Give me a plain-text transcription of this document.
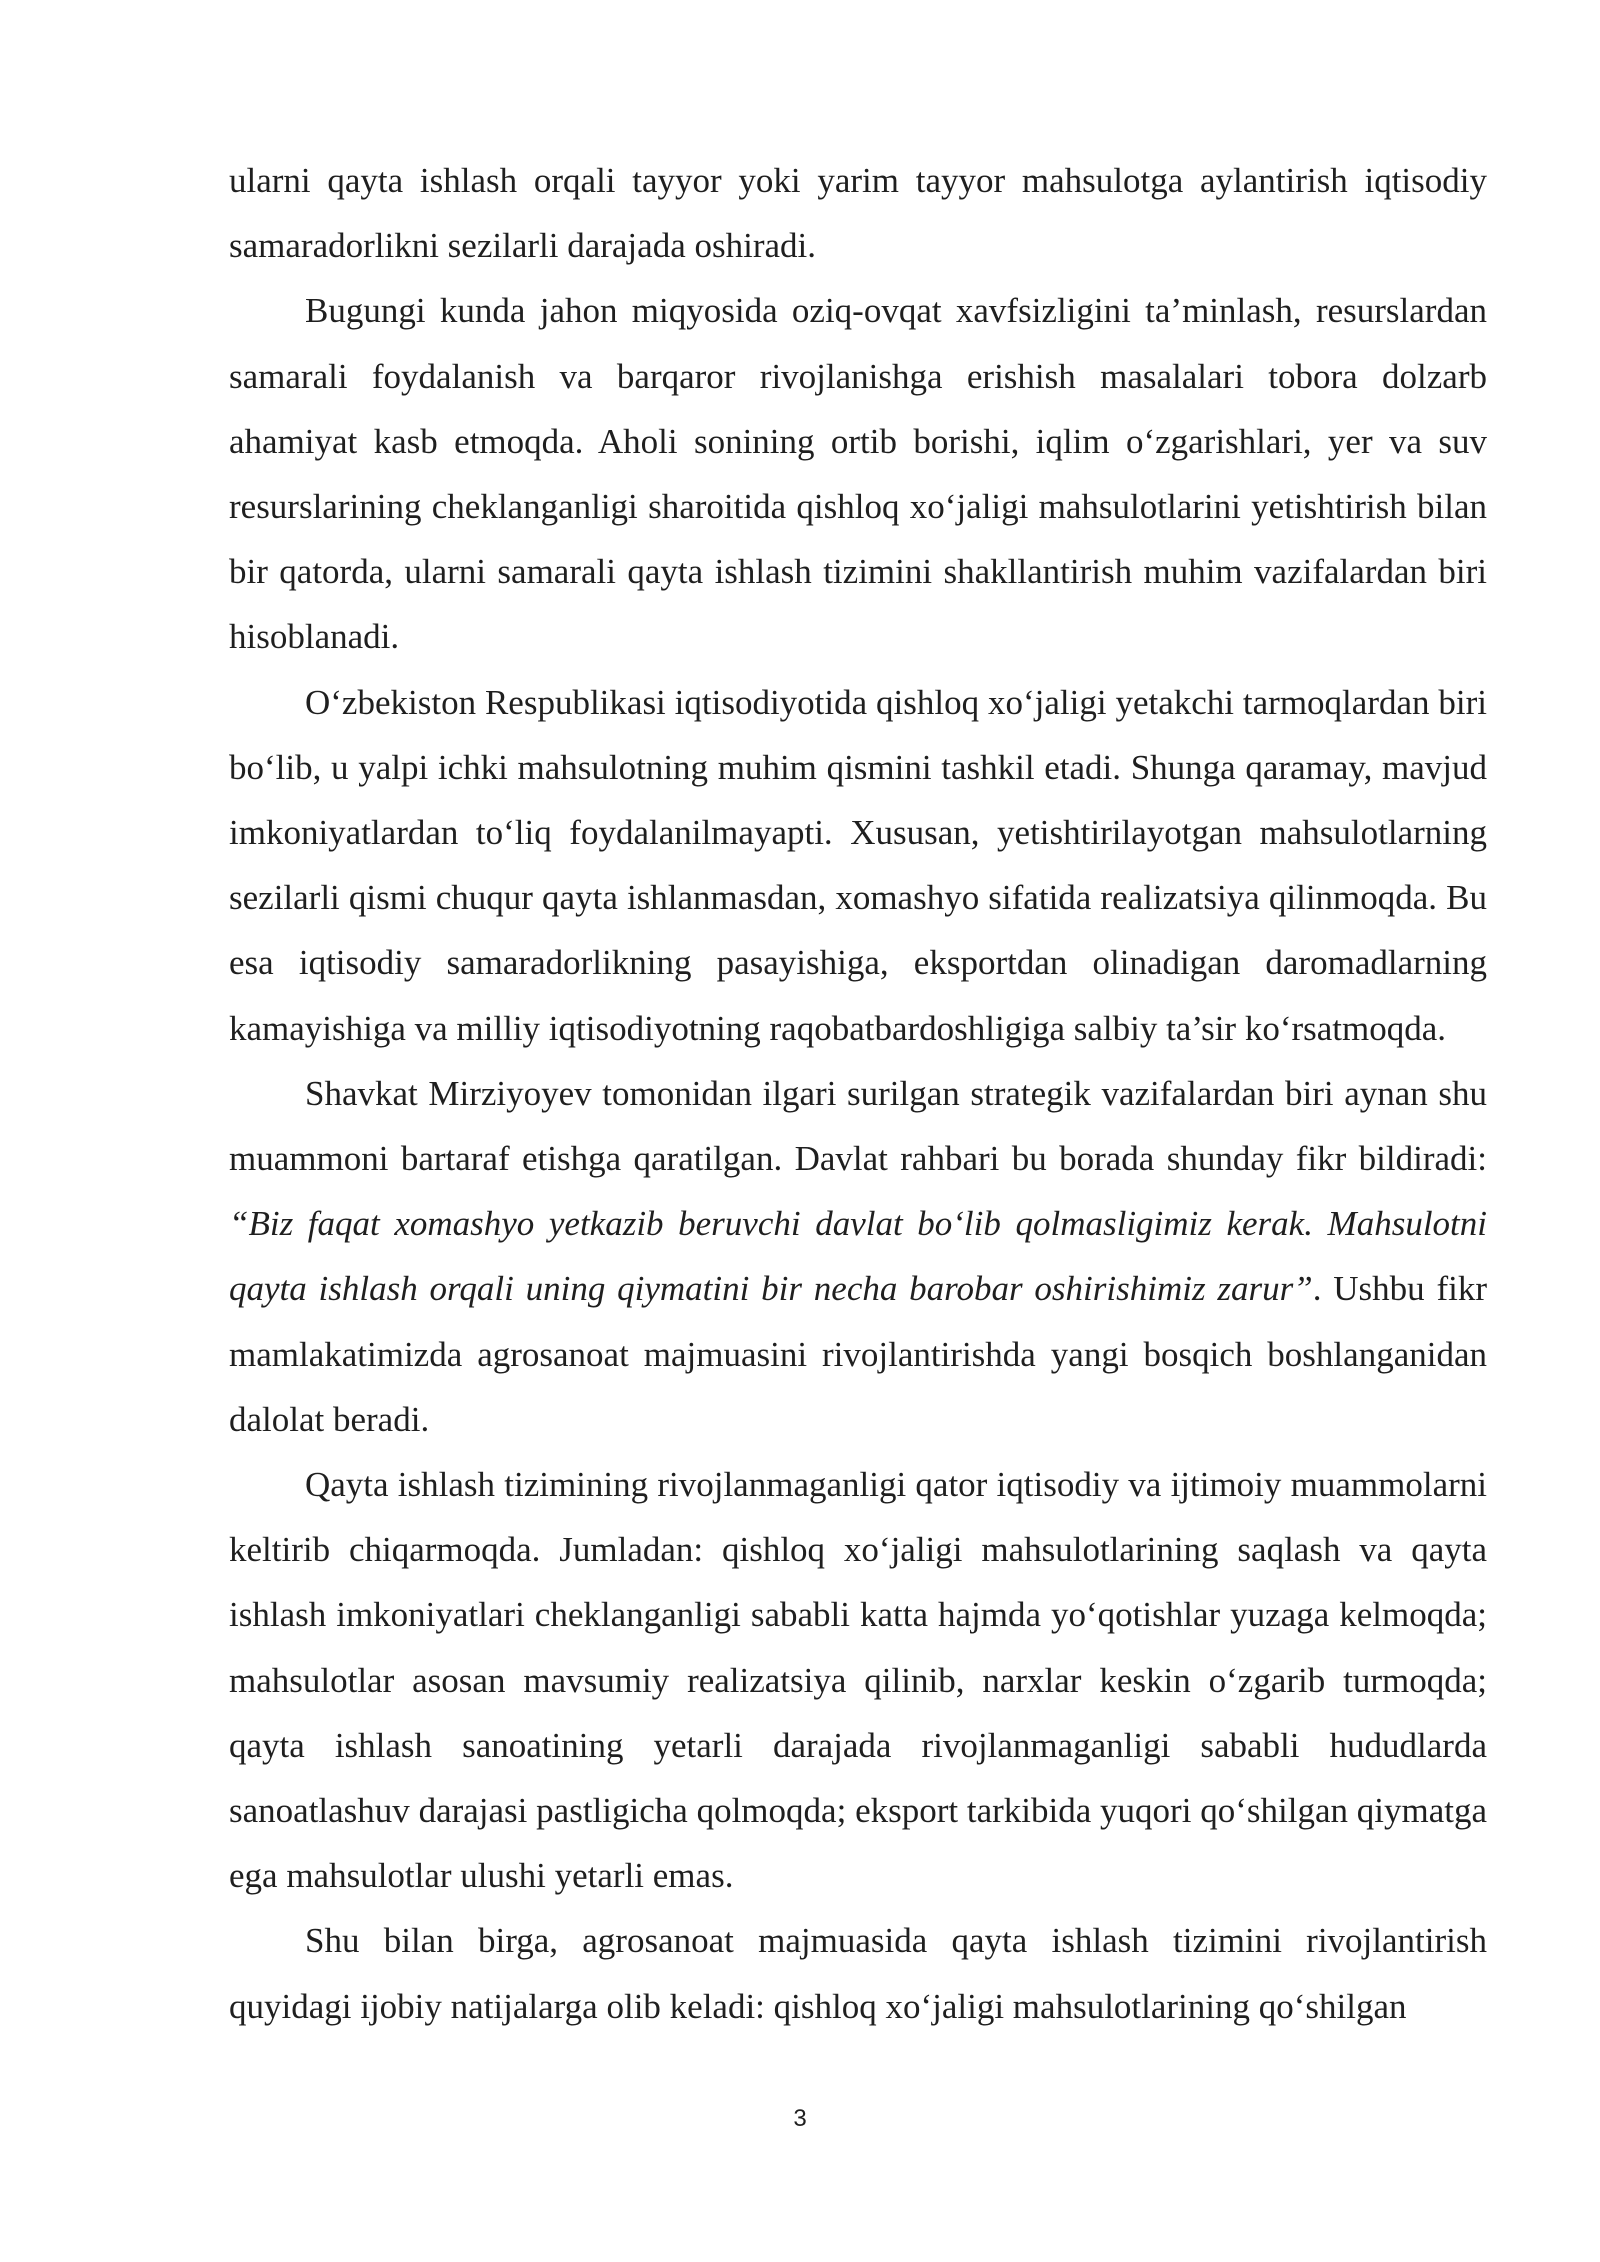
ularni qayta ishlash orqali tayyor yoki yarim tayyor mahsulotga aylantirish iqtisodiy samaradorlikni sezilarli darajada oshiradi.

Bugungi kunda jahon miqyosida oziq-ovqat xavfsizligini ta’minlash, resurslardan samarali foydalanish va barqaror rivojlanishga erishish masalalari tobora dolzarb ahamiyat kasb etmoqda. Aholi sonining ortib borishi, iqlim o‘zgarishlari, yer va suv resurslarining cheklanganligi sharoitida qishloq xo‘jaligi mahsulotlarini yetishtirish bilan bir qatorda, ularni samarali qayta ishlash tizimini shakllantirish muhim vazifalardan biri hisoblanadi.

O‘zbekiston Respublikasi iqtisodiyotida qishloq xo‘jaligi yetakchi tarmoqlardan biri bo‘lib, u yalpi ichki mahsulotning muhim qismini tashkil etadi. Shunga qaramay, mavjud imkoniyatlardan to‘liq foydalanilmayapti. Xususan, yetishtirilayotgan mahsulotlarning sezilarli qismi chuqur qayta ishlanmasdan, xomashyo sifatida realizatsiya qilinmoqda. Bu esa iqtisodiy samaradorlikning pasayishiga, eksportdan olinadigan daromadlarning kamayishiga va milliy iqtisodiyotning raqobatbardoshligiga salbiy ta’sir ko‘rsatmoqda.

Shavkat Mirziyoyev tomonidan ilgari surilgan strategik vazifalardan biri aynan shu muammoni bartaraf etishga qaratilgan. Davlat rahbari bu borada shunday fikr bildiradi: “Biz faqat xomashyo yetkazib beruvchi davlat bo‘lib qolmasligimiz kerak. Mahsulotni qayta ishlash orqali uning qiymatini bir necha barobar oshirishimiz zarur”. Ushbu fikr mamlakatimizda agrosanoat majmuasini rivojlantirishda yangi bosqich boshlanganidan dalolat beradi.

Qayta ishlash tizimining rivojlanmaganligi qator iqtisodiy va ijtimoiy muammolarni keltirib chiqarmoqda. Jumladan: qishloq xo‘jaligi mahsulotlarining saqlash va qayta ishlash imkoniyatlari cheklanganligi sababli katta hajmda yo‘qotishlar yuzaga kelmoqda; mahsulotlar asosan mavsumiy realizatsiya qilinib, narxlar keskin o‘zgarib turmoqda; qayta ishlash sanoatining yetarli darajada rivojlanmaganligi sababli hududlarda sanoatlashuv darajasi pastligicha qolmoqda; eksport tarkibida yuqori qo‘shilgan qiymatga ega mahsulotlar ulushi yetarli emas.

Shu bilan birga, agrosanoat majmuasida qayta ishlash tizimini rivojlantirish quyidagi ijobiy natijalarga olib keladi: qishloq xo‘jaligi mahsulotlarining qo‘shilgan

3
